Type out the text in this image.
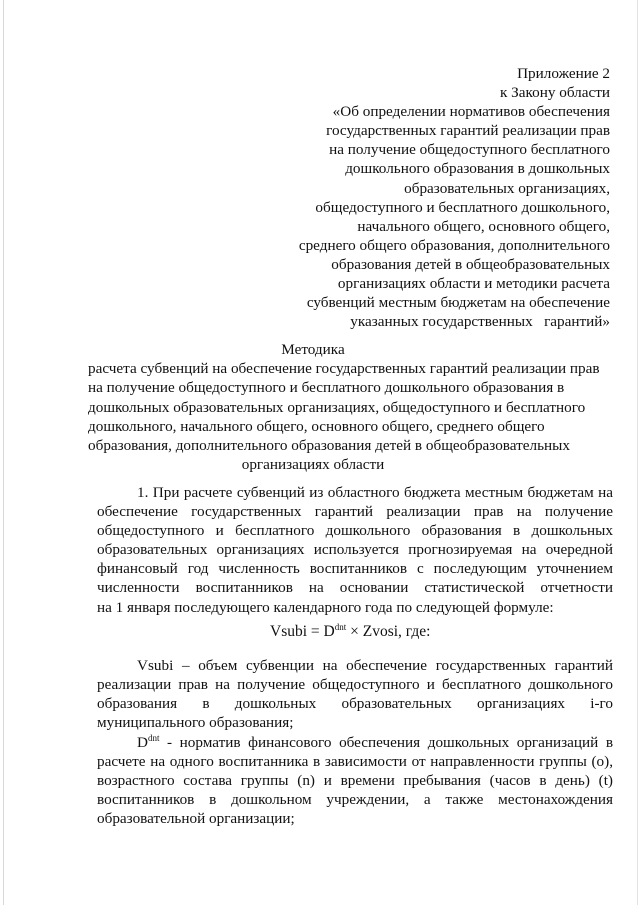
Приложение 2
к Закону области
«Об определении нормативов обеспечения
государственных гарантий реализации прав
на получение общедоступного бесплатного
дошкольного образования в дошкольных
образовательных организациях,
общедоступного и бесплатного дошкольного,
начального общего, основного общего,
среднего общего образования, дополнительного
образования детей в общеобразовательных
организациях области и методики расчета
субвенций местным бюджетам на обеспечение
указанных государственных   гарантий»
Методика
расчета субвенций на обеспечение государственных гарантий реализации прав
на получение общедоступного и бесплатного дошкольного образования в
дошкольных образовательных организациях, общедоступного и бесплатного
дошкольного, начального общего, основного общего, среднего общего
образования, дополнительного образования детей в общеобразовательных
организациях области
1. При расчете субвенций из областного бюджета местным бюджетам на
обеспечение государственных гарантий реализации прав на получение
общедоступного и бесплатного дошкольного образования в дошкольных
образовательных организациях используется прогнозируемая на очередной
финансовый год численность воспитанников с последующим уточнением
численности воспитанников на основании статистической отчетности
на 1 января последующего календарного года по следующей формуле:
Vsubi = $D^{dnt}$ × Zvosi, где:
Vsubi – объем субвенции на обеспечение государственных гарантий
реализации прав на получение общедоступного и бесплатного дошкольного
образования в дошкольных образовательных организациях i-го
муниципального образования;
$D^{dnt}$ - норматив финансового обеспечения дошкольных организаций в
расчете на одного воспитанника в зависимости от направленности группы (о),
возрастного состава группы (n) и времени пребывания (часов в день) (t)
воспитанников в дошкольном учреждении, а также местонахождения
образовательной организации;
